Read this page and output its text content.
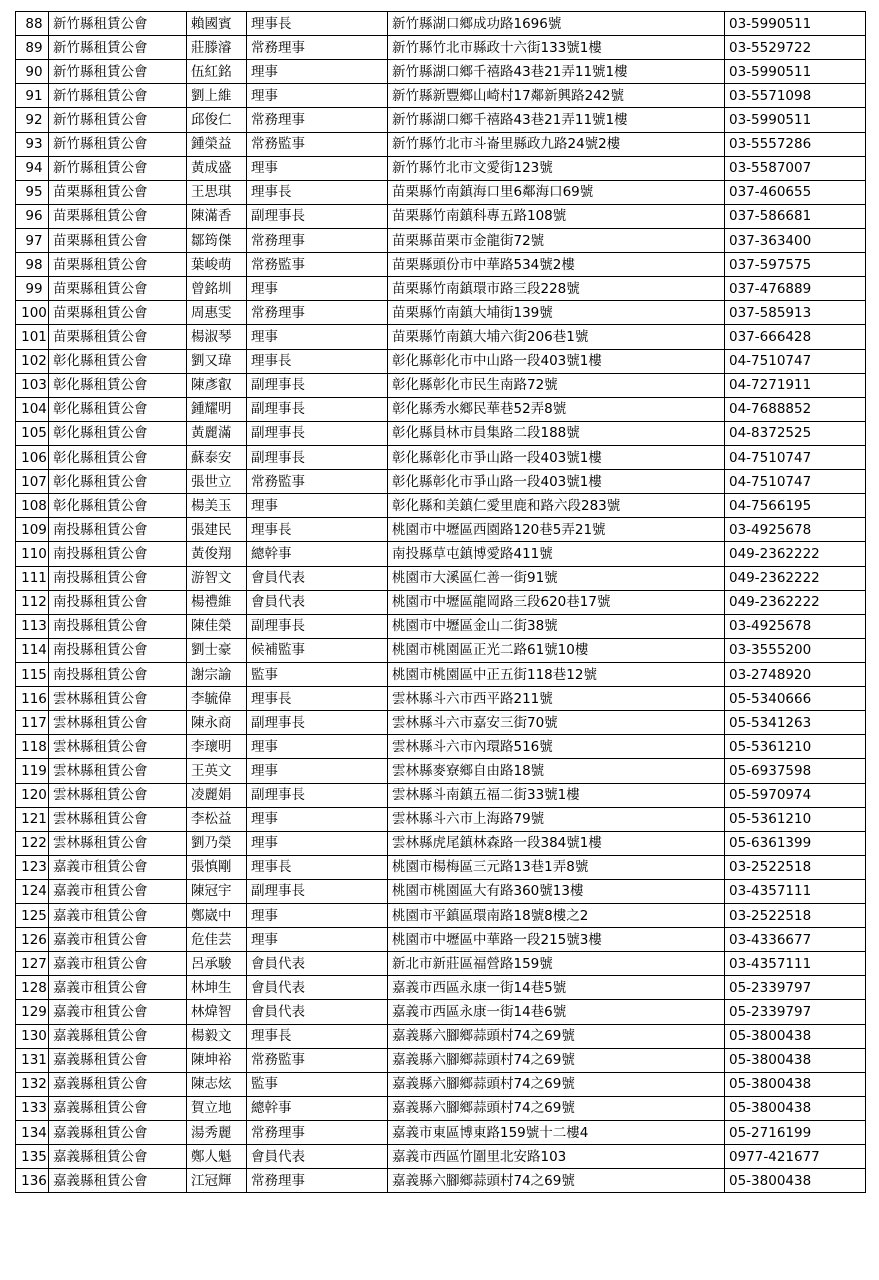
88	新竹縣租賃公會	賴國賓	理事長	新竹縣湖口鄉成功路1696號	03-5990511
89	新竹縣租賃公會	莊滕濬	常務理事	新竹縣竹北市縣政十六街133號1樓	03-5529722
90	新竹縣租賃公會	伍紅銘	理事	新竹縣湖口鄉千禧路43巷21弄11號1樓	03-5990511
91	新竹縣租賃公會	劉上維	理事	新竹縣新豐鄉山崎村17鄰新興路242號	03-5571098
92	新竹縣租賃公會	邱俊仁	常務理事	新竹縣湖口鄉千禧路43巷21弄11號1樓	03-5990511
93	新竹縣租賃公會	鍾榮益	常務監事	新竹縣竹北市斗崙里縣政九路24號2樓	03-5557286
94	新竹縣租賃公會	黃成盛	理事	新竹縣竹北市文愛街123號	03-5587007
95	苗栗縣租賃公會	王思琪	理事長	苗栗縣竹南鎮海口里6鄰海口69號	037-460655
96	苗栗縣租賃公會	陳滿香	副理事長	苗栗縣竹南鎮科專五路108號	037-586681
97	苗栗縣租賃公會	鄒筠傑	常務理事	苗栗縣苗栗市金龍街72號	037-363400
98	苗栗縣租賃公會	葉峻萌	常務監事	苗栗縣頭份市中華路534號2樓	037-597575
99	苗栗縣租賃公會	曾銘圳	理事	苗栗縣竹南鎮環市路三段228號	037-476889
100	苗栗縣租賃公會	周惠雯	常務理事	苗栗縣竹南鎮大埔街139號	037-585913
101	苗栗縣租賃公會	楊淑琴	理事	苗栗縣竹南鎮大埔六街206巷1號	037-666428
102	彰化縣租賃公會	劉又瑋	理事長	彰化縣彰化市中山路一段403號1樓	04-7510747
103	彰化縣租賃公會	陳彥叡	副理事長	彰化縣彰化市民生南路72號	04-7271911
104	彰化縣租賃公會	鍾耀明	副理事長	彰化縣秀水鄉民華巷52弄8號	04-7688852
105	彰化縣租賃公會	黃麗滿	副理事長	彰化縣員林市員集路二段188號	04-8372525
106	彰化縣租賃公會	蘇泰安	副理事長	彰化縣彰化市爭山路一段403號1樓	04-7510747
107	彰化縣租賃公會	張世立	常務監事	彰化縣彰化市爭山路一段403號1樓	04-7510747
108	彰化縣租賃公會	楊美玉	理事	彰化縣和美鎮仁愛里鹿和路六段283號	04-7566195
109	南投縣租賃公會	張建民	理事長	桃園市中壢區西園路120巷5弄21號	03-4925678
110	南投縣租賃公會	黃俊翔	總幹事	南投縣草屯鎮博愛路411號	049-2362222
111	南投縣租賃公會	游智文	會員代表	桃園市大溪區仁善一街91號	049-2362222
112	南投縣租賃公會	楊禮維	會員代表	桃園市中壢區龍岡路三段620巷17號	049-2362222
113	南投縣租賃公會	陳佳榮	副理事長	桃園市中壢區金山二街38號	03-4925678
114	南投縣租賃公會	劉士豪	候補監事	桃園市桃園區正光二路61號10樓	03-3555200
115	南投縣租賃公會	謝宗諭	監事	桃園市桃園區中正五街118巷12號	03-2748920
116	雲林縣租賃公會	李毓偉	理事長	雲林縣斗六市西平路211號	05-5340666
117	雲林縣租賃公會	陳永商	副理事長	雲林縣斗六市嘉安三街70號	05-5341263
118	雲林縣租賃公會	李瓌明	理事	雲林縣斗六市內環路516號	05-5361210
119	雲林縣租賃公會	王英文	理事	雲林縣麥寮鄉自由路18號	05-6937598
120	雲林縣租賃公會	凌麗娟	副理事長	雲林縣斗南鎮五福二街33號1樓	05-5970974
121	雲林縣租賃公會	李松益	理事	雲林縣斗六市上海路79號	05-5361210
122	雲林縣租賃公會	劉乃榮	理事	雲林縣虎尾鎮林森路一段384號1樓	05-6361399
123	嘉義市租賃公會	張慎剛	理事長	桃園市楊梅區三元路13巷1弄8號	03-2522518
124	嘉義市租賃公會	陳冠宇	副理事長	桃園市桃園區大有路360號13樓	03-4357111
125	嘉義市租賃公會	鄭崴中	理事	桃園市平鎮區環南路18號8樓之2	03-2522518
126	嘉義市租賃公會	危佳芸	理事	桃園市中壢區中華路一段215號3樓	03-4336677
127	嘉義市租賃公會	呂承駿	會員代表	新北市新莊區福營路159號	03-4357111
128	嘉義市租賃公會	林坤生	會員代表	嘉義市西區永康一街14巷5號	05-2339797
129	嘉義市租賃公會	林煒智	會員代表	嘉義市西區永康一街14巷6號	05-2339797
130	嘉義縣租賃公會	楊毅文	理事長	嘉義縣六腳鄉蒜頭村74之69號	05-3800438
131	嘉義縣租賃公會	陳坤裕	常務監事	嘉義縣六腳鄉蒜頭村74之69號	05-3800438
132	嘉義縣租賃公會	陳志炫	監事	嘉義縣六腳鄉蒜頭村74之69號	05-3800438
133	嘉義縣租賃公會	賀立地	總幹事	嘉義縣六腳鄉蒜頭村74之69號	05-3800438
134	嘉義縣租賃公會	湯秀麗	常務理事	嘉義市東區博東路159號十二樓4	05-2716199
135	嘉義縣租賃公會	鄭人魁	會員代表	嘉義市西區竹圍里北安路103	0977-421677
136	嘉義縣租賃公會	江冠輝	常務理事	嘉義縣六腳鄉蒜頭村74之69號	05-3800438
